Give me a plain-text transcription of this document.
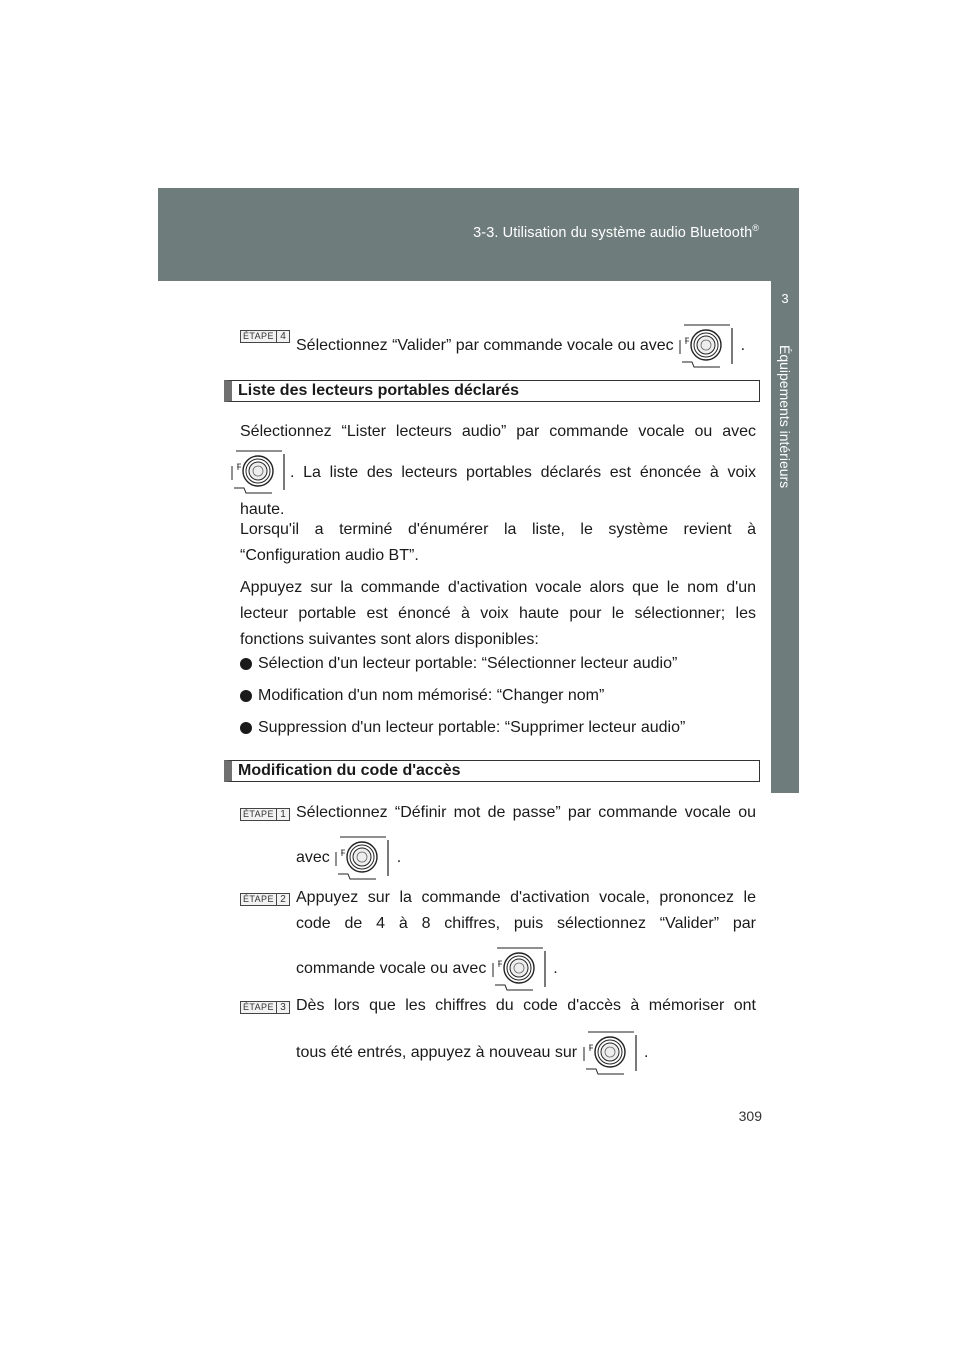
3-3. Utilisation du système audio Bluetooth®
3
Équipements intérieurs
ÉTAPE 4
Sélectionnez “Valider” par commande vocale ou avec	.
Liste des lecteurs portables déclarés
Sélectionnez “Lister lecteurs audio” par commande vocale ou avec
. La liste des lecteurs portables déclarés est énoncée à voix
haute.
Lorsqu'il a terminé d'énumérer la liste, le système revient à
“Configuration audio BT”.
Appuyez sur la commande d'activation vocale alors que le nom d'un lecteur portable est énoncé à voix haute pour le sélectionner; les fonctions suivantes sont alors disponibles:
Sélection d'un lecteur portable: “Sélectionner lecteur audio”
Modification d'un nom mémorisé: “Changer nom”
Suppression d'un lecteur portable: “Supprimer lecteur audio”
Modification du code d'accès
ÉTAPE 1 Sélectionnez “Définir mot de passe” par commande vocale ou
avec	.
ÉTAPE 2 Appuyez sur la commande d'activation vocale, prononcez le code de 4 à 8 chiffres, puis sélectionnez “Valider” par
commande vocale ou avec	.
ÉTAPE 3 Dès lors que les chiffres du code d'accès à mémoriser ont
tous été entrés, appuyez à nouveau sur	.
309
